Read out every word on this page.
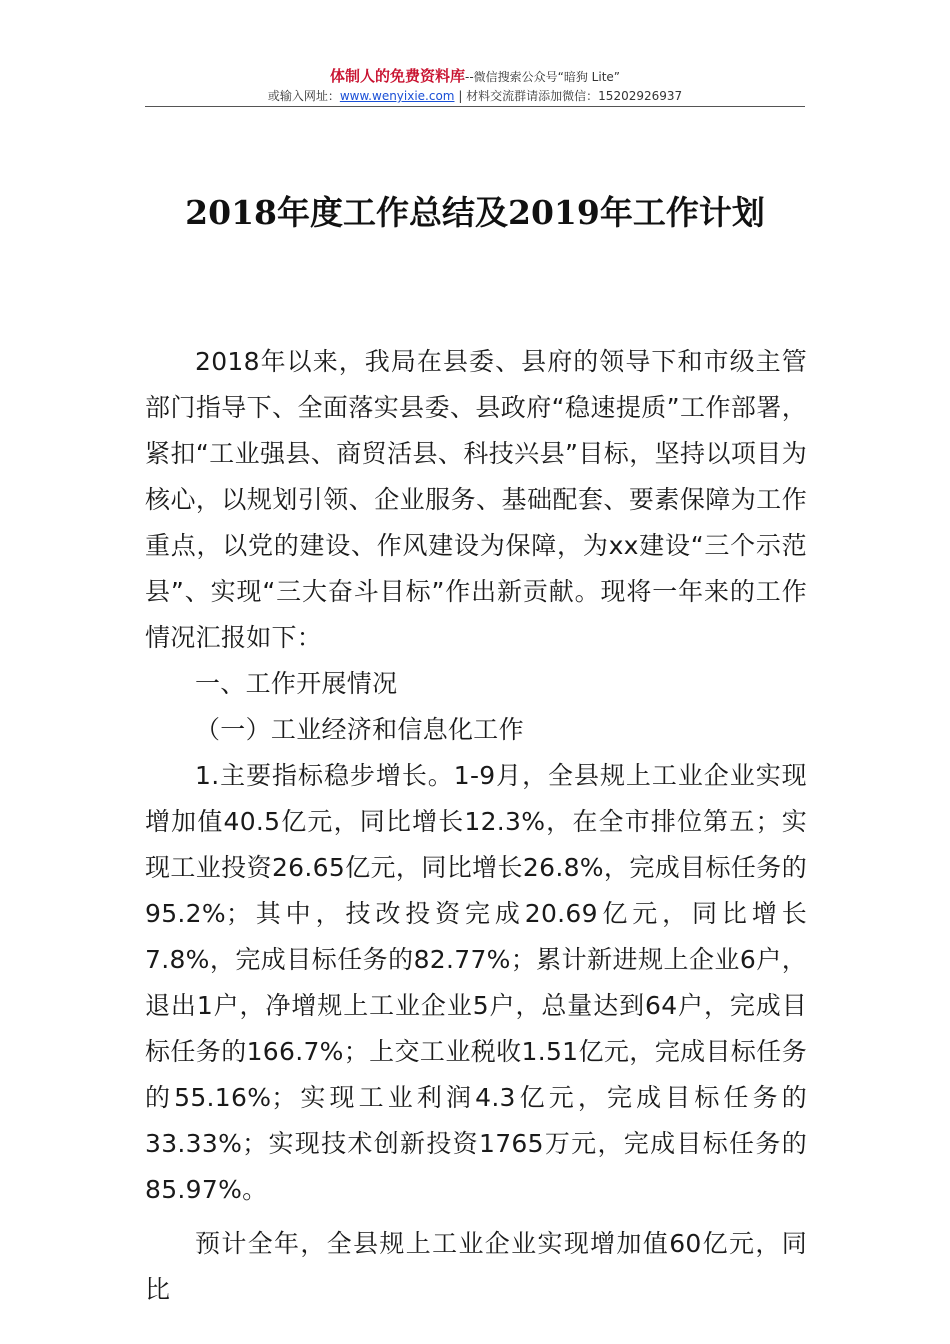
体制人的免费资料库--微信搜索公众号“暗狗 Lite”
或输入网址：www.wenyixie.com | 材料交流群请添加微信：15202926937
2018年度工作总结及2019年工作计划

2018年以来，我局在县委、县府的领导下和市级主管部门指导下、全面落实县委、县政府“稳速提质”工作部署，紧扣“工业强县、商贸活县、科技兴县”目标，坚持以项目为核心，以规划引领、企业服务、基础配套、要素保障为工作重点，以党的建设、作风建设为保障，为xx建设“三个示范县”、实现“三大奋斗目标”作出新贡献。现将一年来的工作情况汇报如下：

一、工作开展情况

（一）工业经济和信息化工作

1.主要指标稳步增长。1-9月，全县规上工业企业实现增加值40.5亿元，同比增长12.3%，在全市排位第五；实现工业投资26.65亿元，同比增长26.8%，完成目标任务的95.2%；其中，技改投资完成20.69亿元，同比增长7.8%，完成目标任务的82.77%；累计新进规上企业6户，退出1户，净增规上工业企业5户，总量达到64户，完成目标任务的166.7%；上交工业税收1.51亿元，完成目标任务的55.16%；实现工业利润4.3亿元，完成目标任务的33.33%；实现技术创新投资1765万元，完成目标任务的85.97%。

预计全年，全县规上工业企业实现增加值60亿元，同比
